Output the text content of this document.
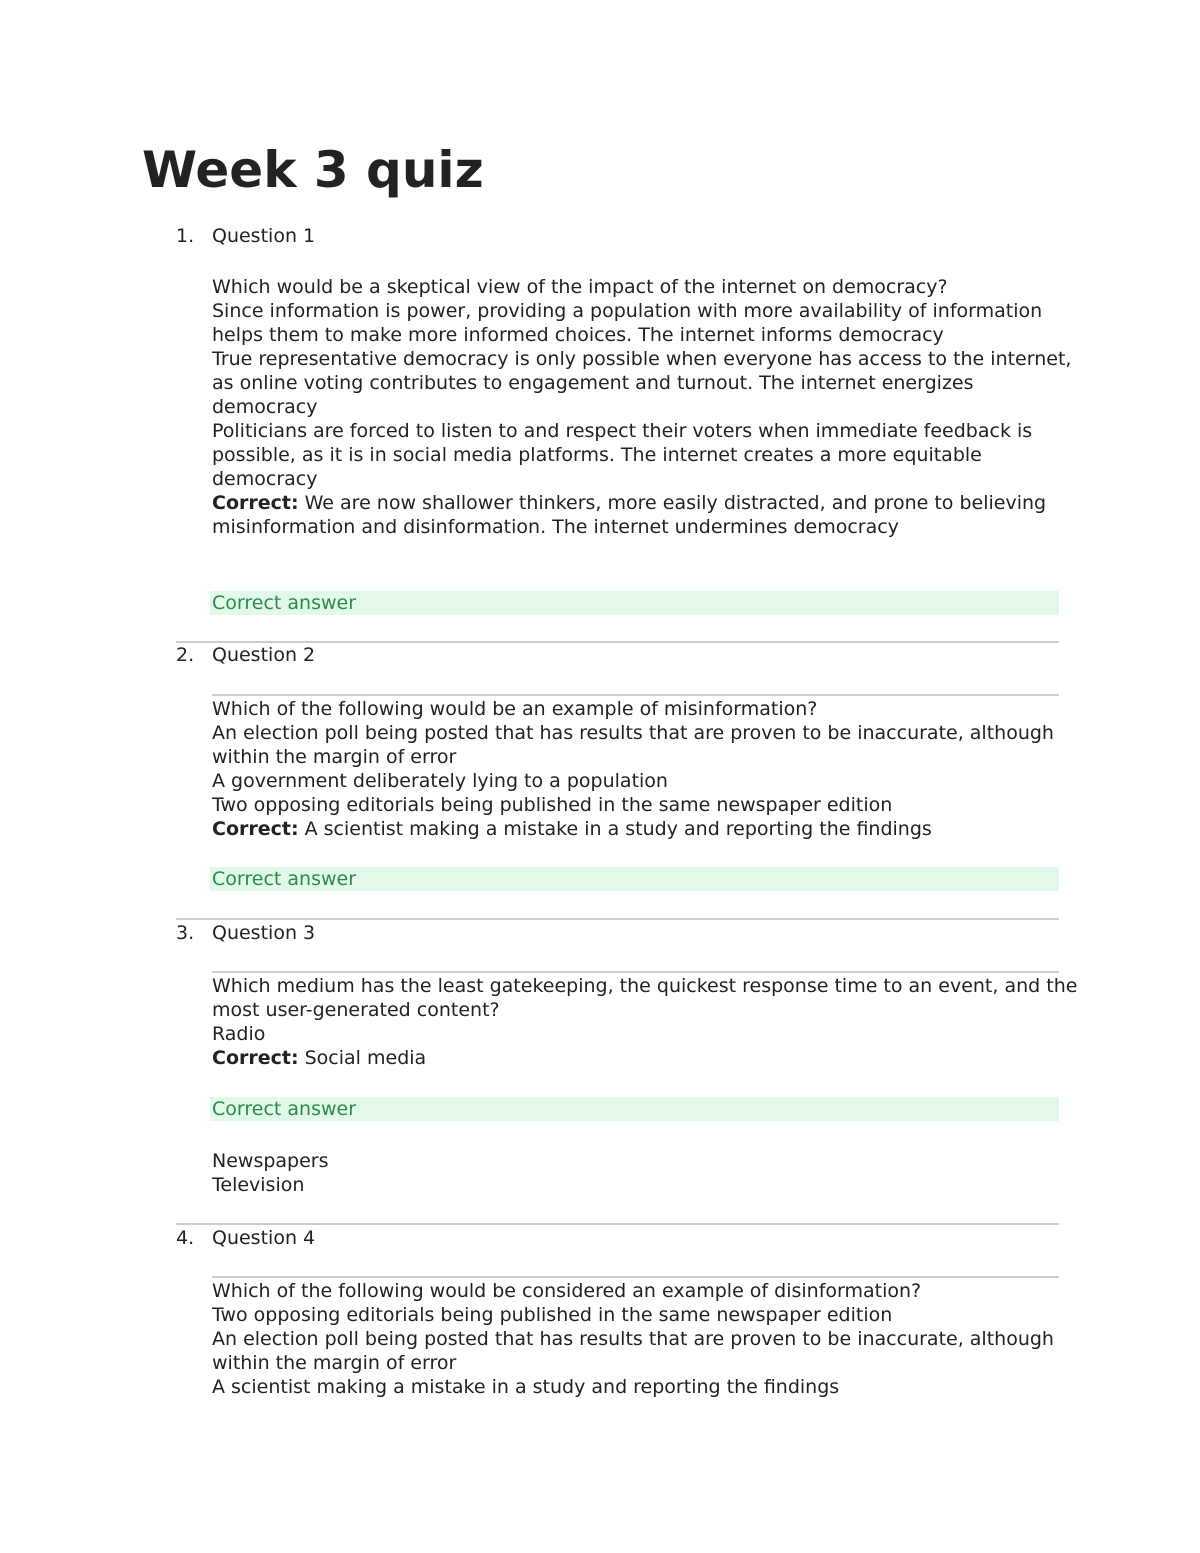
Week 3 quiz
1. Question 1
Which would be a skeptical view of the impact of the internet on democracy?
Since information is power, providing a population with more availability of information helps them to make more informed choices. The internet informs democracy
True representative democracy is only possible when everyone has access to the internet, as online voting contributes to engagement and turnout. The internet energizes democracy
Politicians are forced to listen to and respect their voters when immediate feedback is possible, as it is in social media platforms. The internet creates a more equitable democracy
Correct: We are now shallower thinkers, more easily distracted, and prone to believing misinformation and disinformation. The internet undermines democracy
Correct answer
2. Question 2
Which of the following would be an example of misinformation?
An election poll being posted that has results that are proven to be inaccurate, although within the margin of error
A government deliberately lying to a population
Two opposing editorials being published in the same newspaper edition
Correct: A scientist making a mistake in a study and reporting the findings
Correct answer
3. Question 3
Which medium has the least gatekeeping, the quickest response time to an event, and the most user-generated content?
Radio
Correct: Social media
Correct answer
Newspapers
Television
4. Question 4
Which of the following would be considered an example of disinformation?
Two opposing editorials being published in the same newspaper edition
An election poll being posted that has results that are proven to be inaccurate, although within the margin of error
A scientist making a mistake in a study and reporting the findings
